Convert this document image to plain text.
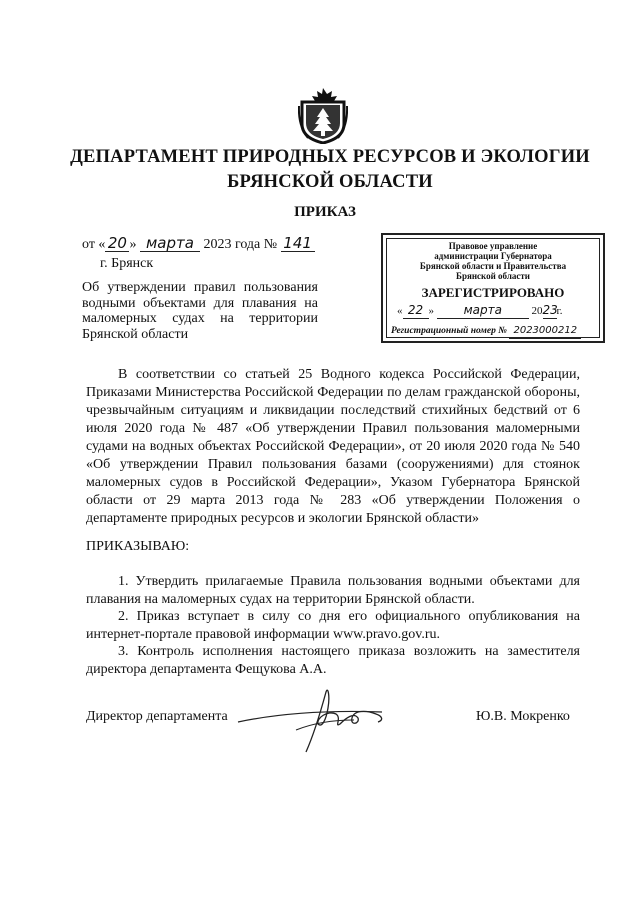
ДЕПАРТАМЕНТ ПРИРОДНЫХ РЕСУРСОВ И ЭКОЛОГИИ
БРЯНСКОЙ ОБЛАСТИ
ПРИКАЗ
от « 20 » марта 2023 года № 141
г. Брянск
Об утверждении правил пользования водными объектами для плавания на маломерных судах на территории Брянской области
Правовое управление
администрации Губернатора
Брянской области и Правительства
Брянской области
ЗАРЕГИСТРИРОВАНО
« 22 » марта	2023г.
Регистрационный номер № 2023000212

В соответствии со статьей 25 Водного кодекса Российской Федерации, Приказами Министерства Российской Федерации по делам гражданской обороны, чрезвычайным ситуациям и ликвидации последствий стихийных бедствий от 6 июля 2020 года № 487 «Об утверждении Правил пользования маломерными судами на водных объектах Российской Федерации», от 20 июля 2020 года № 540 «Об утверждении Правил пользования базами (сооружениями) для стоянок маломерных судов в Российской Федерации», Указом Губернатора Брянской области от 29 марта 2013 года № 283 «Об утверждении Положения о департаменте природных ресурсов и экологии Брянской области»

ПРИКАЗЫВАЮ:

1. Утвердить прилагаемые Правила пользования водными объектами для плавания на маломерных судах на территории Брянской области.

2. Приказ вступает в силу со дня его официального опубликования на интернет-портале правовой информации www.pravo.gov.ru.

3. Контроль исполнения настоящего приказа возложить на заместителя директора департамента Фещукова А.А.

Директор департамента	Ю.В. Мокренко
